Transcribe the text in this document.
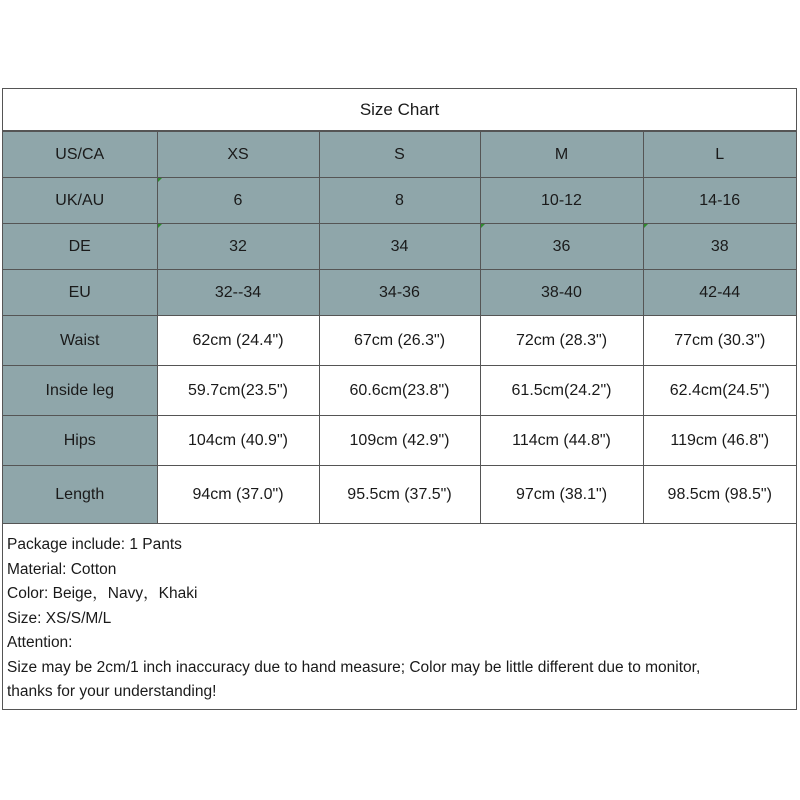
Size Chart
US/CA	XS	S	M	L
UK/AU	6	8	10-12	14-16
DE	32	34	36	38
EU	32--34	34-36	38-40	42-44
Waist	62cm (24.4")	67cm (26.3")	72cm (28.3")	77cm (30.3")
Inside leg	59.7cm(23.5")	60.6cm(23.8")	61.5cm(24.2")	62.4cm(24.5")
Hips	104cm (40.9")	109cm (42.9")	114cm (44.8")	119cm (46.8")
Length	94cm (37.0")	95.5cm (37.5")	97cm (38.1")	98.5cm (98.5")
Package include: 1 Pants
Material: Cotton
Color: Beige，Navy，Khaki
Size: XS/S/M/L
Attention:
Size may be 2cm/1 inch inaccuracy due to hand measure; Color may be little different due to monitor,
thanks for your understanding!
